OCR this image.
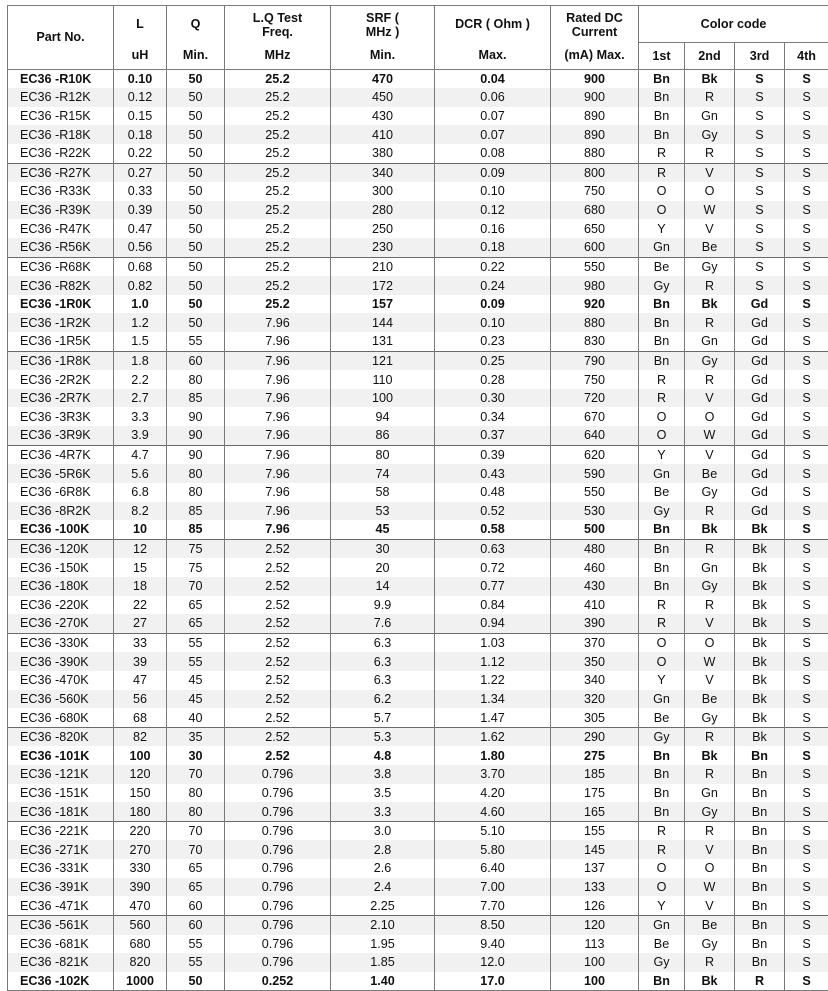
Part No.	L	Q	L.Q Test Freq.	SRF ( MHz )	DCR ( Ohm )	Rated DC Current	Color code			
	uH	Min.	MHz	Min.	Max.	(mA) Max.	1st	2nd	3rd	4th
EC36 -R10K	0.10	50	25.2	470	0.04	900	Bn	Bk	S	S
EC36 -R12K	0.12	50	25.2	450	0.06	900	Bn	R	S	S
EC36 -R15K	0.15	50	25.2	430	0.07	890	Bn	Gn	S	S
EC36 -R18K	0.18	50	25.2	410	0.07	890	Bn	Gy	S	S
EC36 -R22K	0.22	50	25.2	380	0.08	880	R	R	S	S
EC36 -R27K	0.27	50	25.2	340	0.09	800	R	V	S	S
EC36 -R33K	0.33	50	25.2	300	0.10	750	O	O	S	S
EC36 -R39K	0.39	50	25.2	280	0.12	680	O	W	S	S
EC36 -R47K	0.47	50	25.2	250	0.16	650	Y	V	S	S
EC36 -R56K	0.56	50	25.2	230	0.18	600	Gn	Be	S	S
EC36 -R68K	0.68	50	25.2	210	0.22	550	Be	Gy	S	S
EC36 -R82K	0.82	50	25.2	172	0.24	980	Gy	R	S	S
EC36 -1R0K	1.0	50	25.2	157	0.09	920	Bn	Bk	Gd	S
EC36 -1R2K	1.2	50	7.96	144	0.10	880	Bn	R	Gd	S
EC36 -1R5K	1.5	55	7.96	131	0.23	830	Bn	Gn	Gd	S
EC36 -1R8K	1.8	60	7.96	121	0.25	790	Bn	Gy	Gd	S
EC36 -2R2K	2.2	80	7.96	110	0.28	750	R	R	Gd	S
EC36 -2R7K	2.7	85	7.96	100	0.30	720	R	V	Gd	S
EC36 -3R3K	3.3	90	7.96	94	0.34	670	O	O	Gd	S
EC36 -3R9K	3.9	90	7.96	86	0.37	640	O	W	Gd	S
EC36 -4R7K	4.7	90	7.96	80	0.39	620	Y	V	Gd	S
EC36 -5R6K	5.6	80	7.96	74	0.43	590	Gn	Be	Gd	S
EC36 -6R8K	6.8	80	7.96	58	0.48	550	Be	Gy	Gd	S
EC36 -8R2K	8.2	85	7.96	53	0.52	530	Gy	R	Gd	S
EC36 -100K	10	85	7.96	45	0.58	500	Bn	Bk	Bk	S
EC36 -120K	12	75	2.52	30	0.63	480	Bn	R	Bk	S
EC36 -150K	15	75	2.52	20	0.72	460	Bn	Gn	Bk	S
EC36 -180K	18	70	2.52	14	0.77	430	Bn	Gy	Bk	S
EC36 -220K	22	65	2.52	9.9	0.84	410	R	R	Bk	S
EC36 -270K	27	65	2.52	7.6	0.94	390	R	V	Bk	S
EC36 -330K	33	55	2.52	6.3	1.03	370	O	O	Bk	S
EC36 -390K	39	55	2.52	6.3	1.12	350	O	W	Bk	S
EC36 -470K	47	45	2.52	6.3	1.22	340	Y	V	Bk	S
EC36 -560K	56	45	2.52	6.2	1.34	320	Gn	Be	Bk	S
EC36 -680K	68	40	2.52	5.7	1.47	305	Be	Gy	Bk	S
EC36 -820K	82	35	2.52	5.3	1.62	290	Gy	R	Bk	S
EC36 -101K	100	30	2.52	4.8	1.80	275	Bn	Bk	Bn	S
EC36 -121K	120	70	0.796	3.8	3.70	185	Bn	R	Bn	S
EC36 -151K	150	80	0.796	3.5	4.20	175	Bn	Gn	Bn	S
EC36 -181K	180	80	0.796	3.3	4.60	165	Bn	Gy	Bn	S
EC36 -221K	220	70	0.796	3.0	5.10	155	R	R	Bn	S
EC36 -271K	270	70	0.796	2.8	5.80	145	R	V	Bn	S
EC36 -331K	330	65	0.796	2.6	6.40	137	O	O	Bn	S
EC36 -391K	390	65	0.796	2.4	7.00	133	O	W	Bn	S
EC36 -471K	470	60	0.796	2.25	7.70	126	Y	V	Bn	S
EC36 -561K	560	60	0.796	2.10	8.50	120	Gn	Be	Bn	S
EC36 -681K	680	55	0.796	1.95	9.40	113	Be	Gy	Bn	S
EC36 -821K	820	55	0.796	1.85	12.0	100	Gy	R	Bn	S
EC36 -102K	1000	50	0.252	1.40	17.0	100	Bn	Bk	R	S
